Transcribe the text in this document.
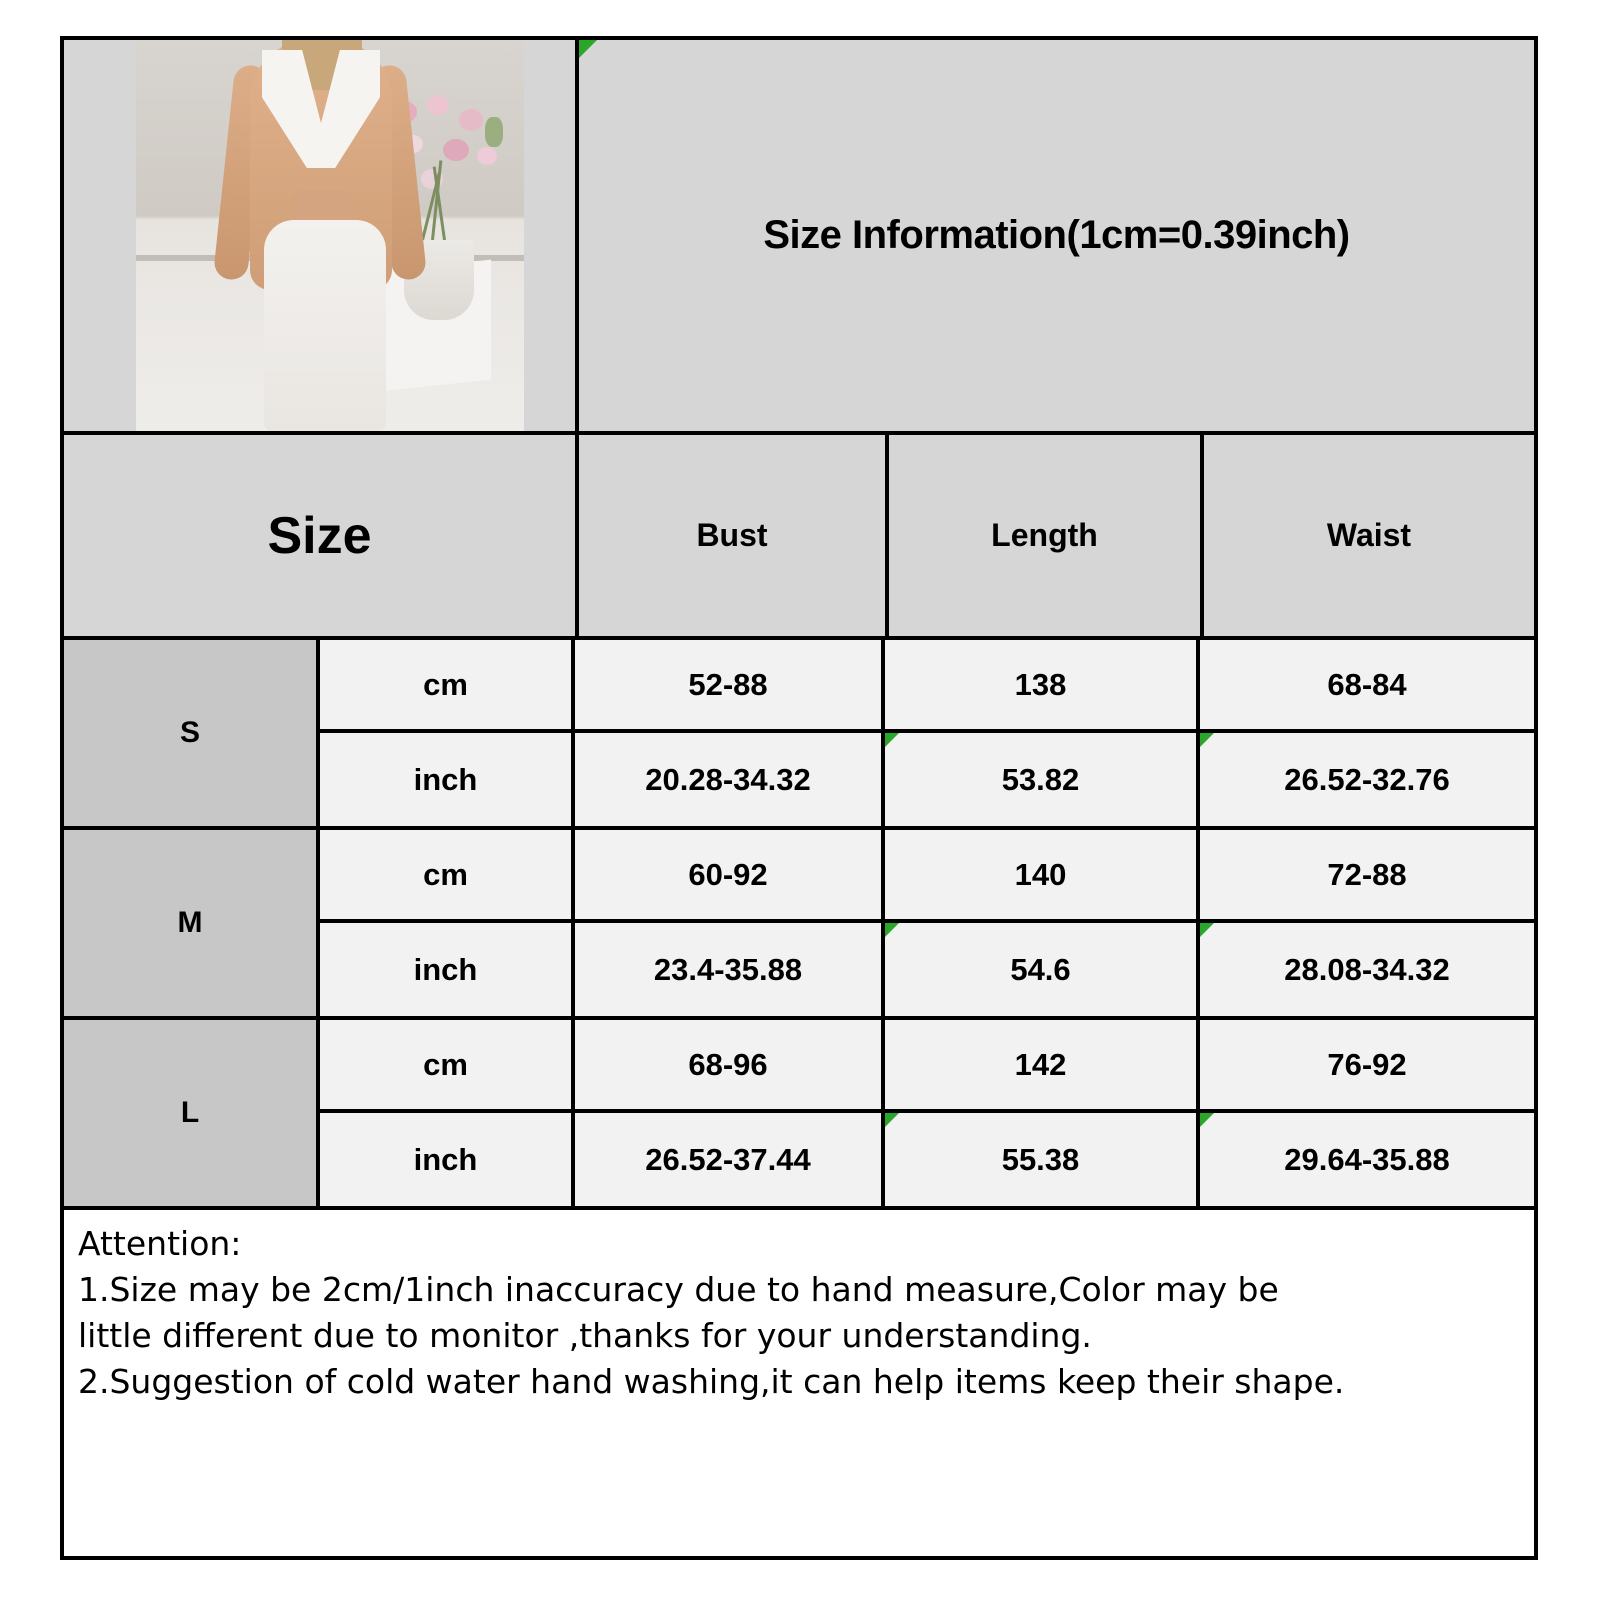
Size Information(1cm=0.39inch)
Size	Bust	Length	Waist
S
cm	52-88	138	68-84
inch	20.28-34.32	53.82	26.52-32.76
M
cm	60-92	140	72-88
inch	23.4-35.88	54.6	28.08-34.32
L
cm	68-96	142	76-92
inch	26.52-37.44	55.38	29.64-35.88

Attention:

1.Size may be 2cm/1inch inaccuracy due to hand measure,Color may be

little different due to monitor ,thanks for your understanding.

2.Suggestion of cold water hand washing,it can help items keep their shape.
